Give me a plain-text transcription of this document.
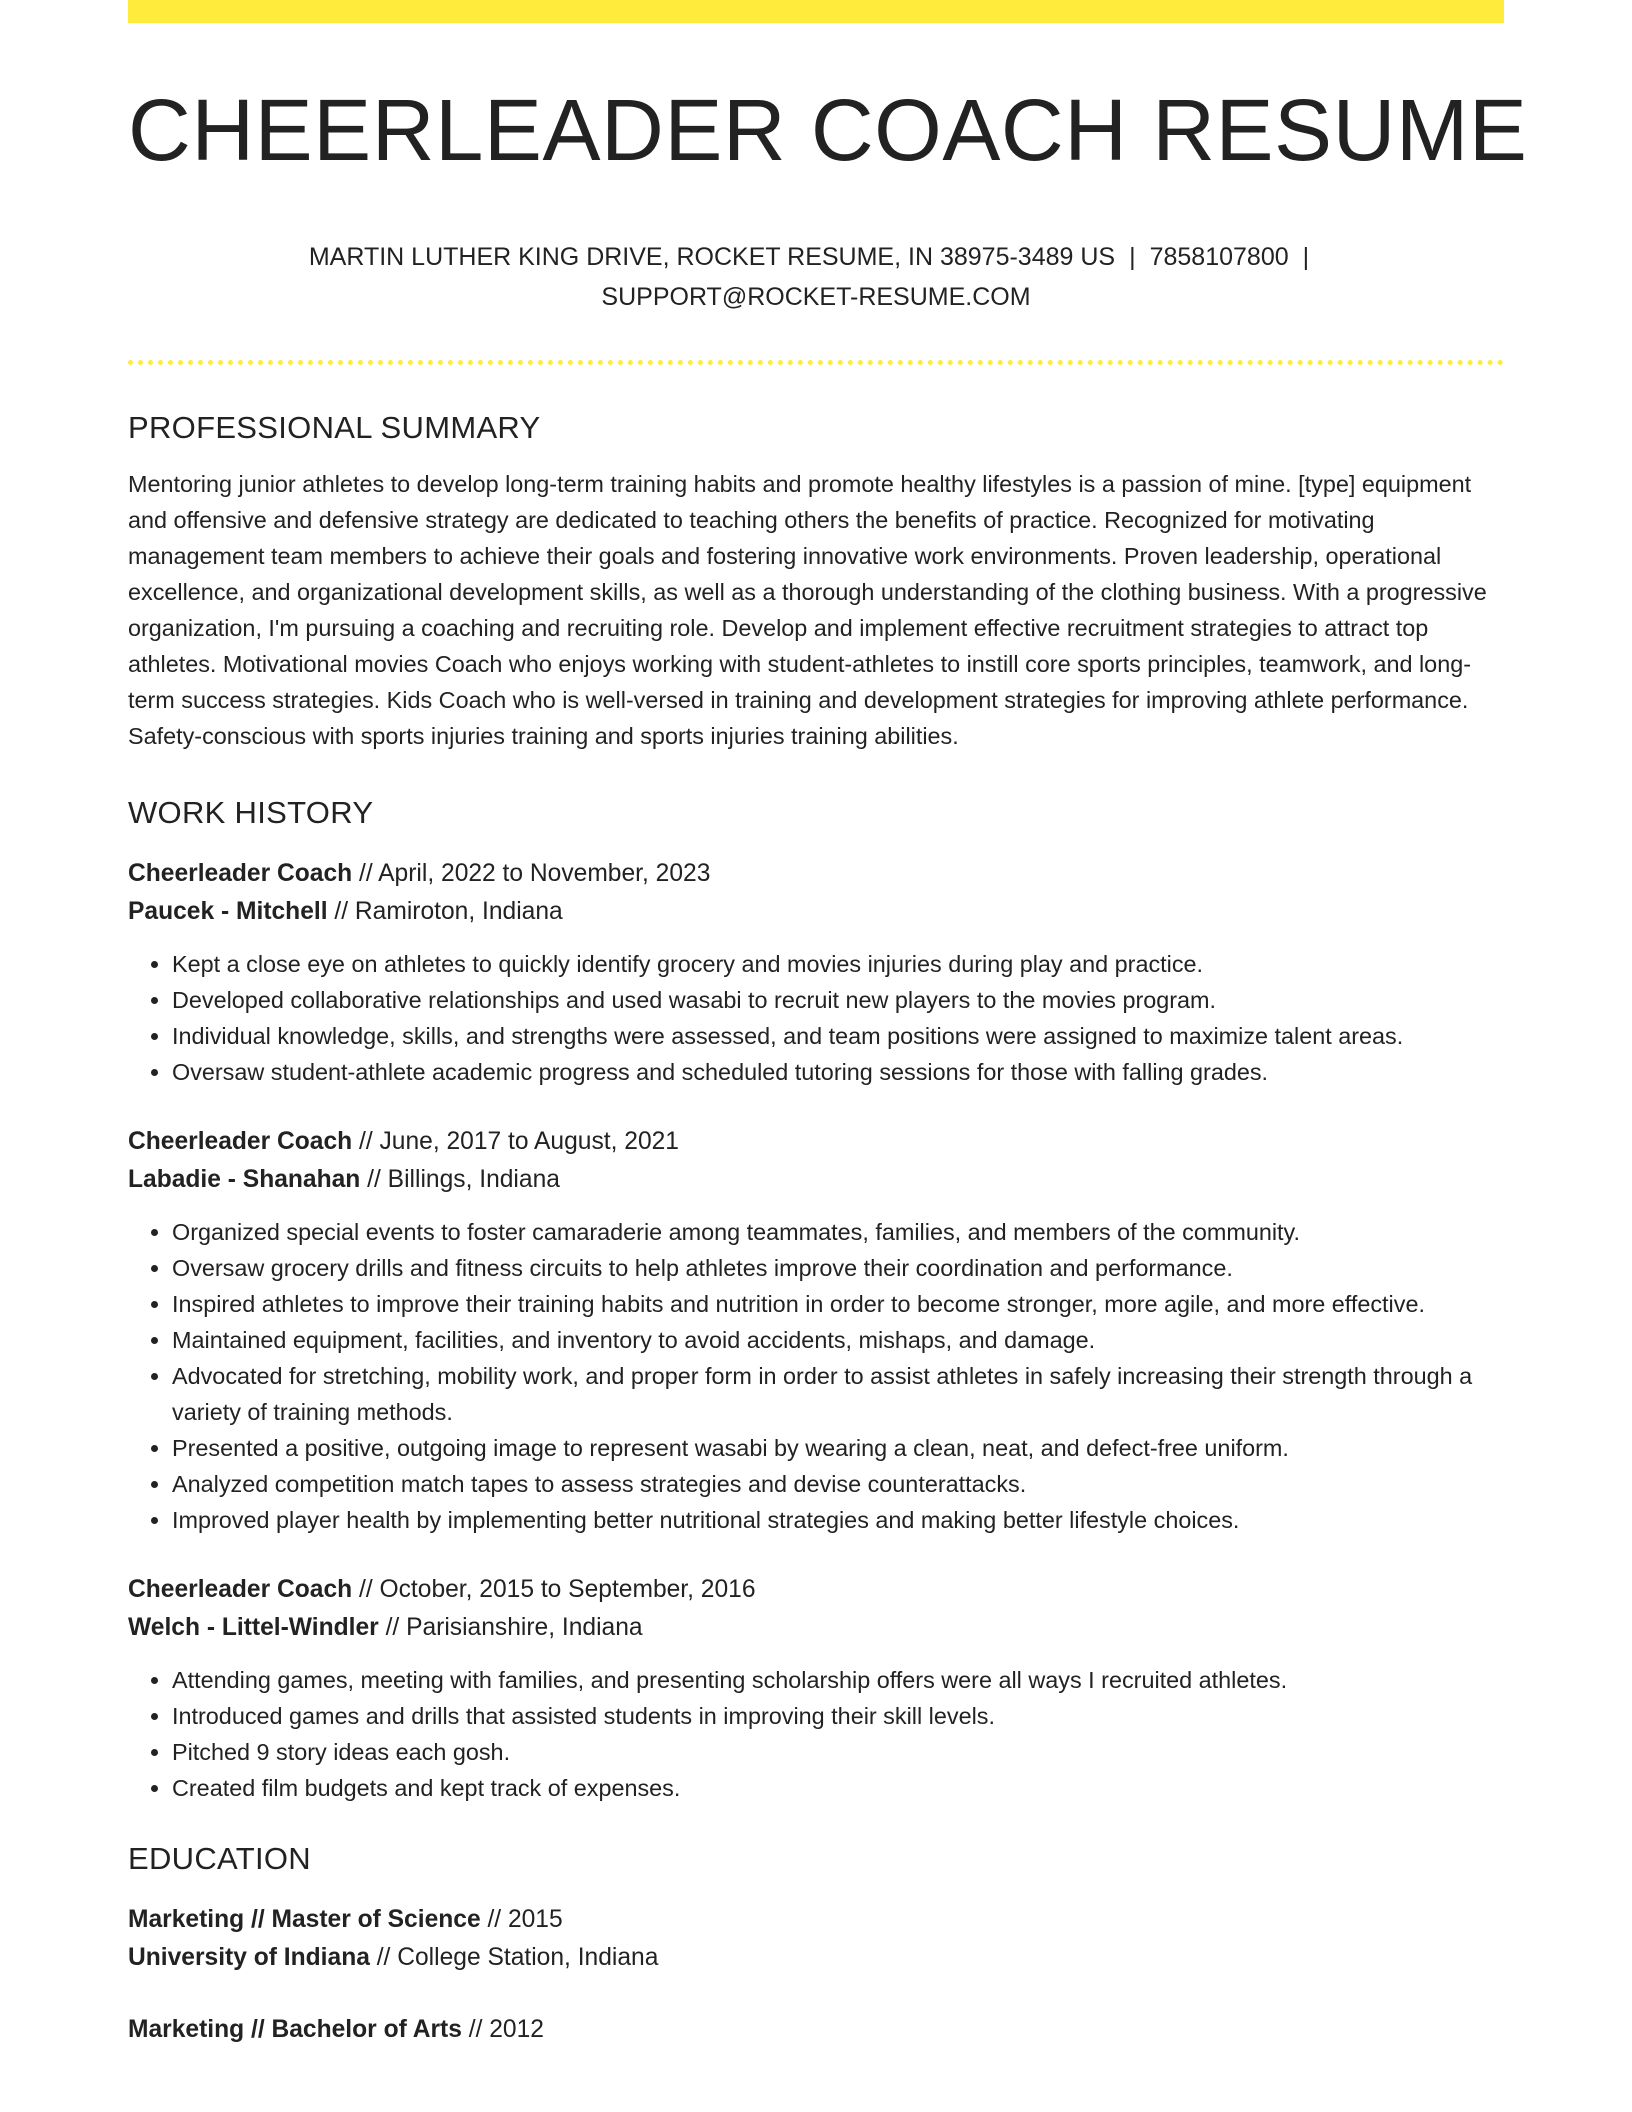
CHEERLEADER COACH RESUME
MARTIN LUTHER KING DRIVE, ROCKET RESUME, IN 38975-3489 US | 7858107800 |
SUPPORT@ROCKET-RESUME.COM
PROFESSIONAL SUMMARY
Mentoring junior athletes to develop long-term training habits and promote healthy lifestyles is a passion of mine. [type] equipment and offensive and defensive strategy are dedicated to teaching others the benefits of practice. Recognized for motivating management team members to achieve their goals and fostering innovative work environments. Proven leadership, operational excellence, and organizational development skills, as well as a thorough understanding of the clothing business. With a progressive organization, I'm pursuing a coaching and recruiting role. Develop and implement effective recruitment strategies to attract top athletes. Motivational movies Coach who enjoys working with student-athletes to instill core sports principles, teamwork, and long-term success strategies. Kids Coach who is well-versed in training and development strategies for improving athlete performance. Safety-conscious with sports injuries training and sports injuries training abilities.
WORK HISTORY
Cheerleader Coach // April, 2022 to November, 2023
Paucek - Mitchell // Ramiroton, Indiana
• Kept a close eye on athletes to quickly identify grocery and movies injuries during play and practice.
• Developed collaborative relationships and used wasabi to recruit new players to the movies program.
• Individual knowledge, skills, and strengths were assessed, and team positions were assigned to maximize talent areas.
• Oversaw student-athlete academic progress and scheduled tutoring sessions for those with falling grades.
Cheerleader Coach // June, 2017 to August, 2021
Labadie - Shanahan // Billings, Indiana
• Organized special events to foster camaraderie among teammates, families, and members of the community.
• Oversaw grocery drills and fitness circuits to help athletes improve their coordination and performance.
• Inspired athletes to improve their training habits and nutrition in order to become stronger, more agile, and more effective.
• Maintained equipment, facilities, and inventory to avoid accidents, mishaps, and damage.
• Advocated for stretching, mobility work, and proper form in order to assist athletes in safely increasing their strength through a variety of training methods.
• Presented a positive, outgoing image to represent wasabi by wearing a clean, neat, and defect-free uniform.
• Analyzed competition match tapes to assess strategies and devise counterattacks.
• Improved player health by implementing better nutritional strategies and making better lifestyle choices.
Cheerleader Coach // October, 2015 to September, 2016
Welch - Littel-Windler // Parisianshire, Indiana
• Attending games, meeting with families, and presenting scholarship offers were all ways I recruited athletes.
• Introduced games and drills that assisted students in improving their skill levels.
• Pitched 9 story ideas each gosh.
• Created film budgets and kept track of expenses.
EDUCATION
Marketing // Master of Science // 2015
University of Indiana // College Station, Indiana
Marketing // Bachelor of Arts // 2012
